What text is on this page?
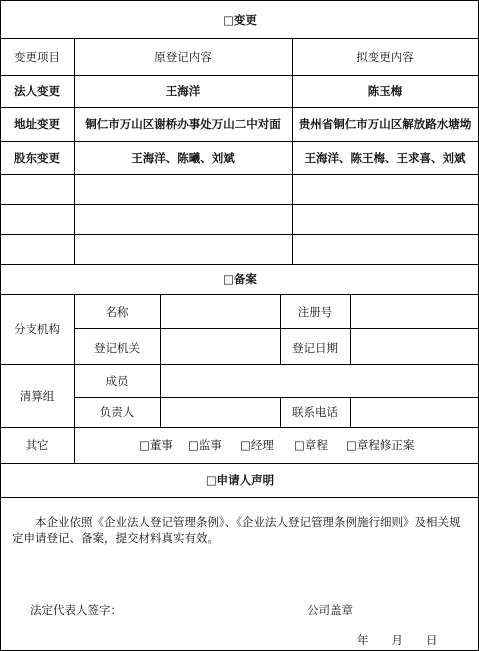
□变更
□备案
□申请人声明
变更项目	原登记内容	拟变更内容
法人变更	王海洋	陈玉梅
地址变更 铜仁市万山区谢桥办事处万山二中对面 贵州省铜仁市万山区解放路水塘坳
股东变更	王海洋、陈曦、刘斌	王海洋、陈王梅、王求喜、刘斌
分支机构
名称	注册号
登记机关	登记日期
清算组
成员
负责人	联系电话
其它	□董事 □监事 □经理 □章程 □章程修正案
本企业依照《企业法人登记管理条例》、《企业法人登记管理条例施行细则》及相关规定申请登记、备案，提交材料真实有效。
法定代表人签字：	公司盖章
年　　月　　日
